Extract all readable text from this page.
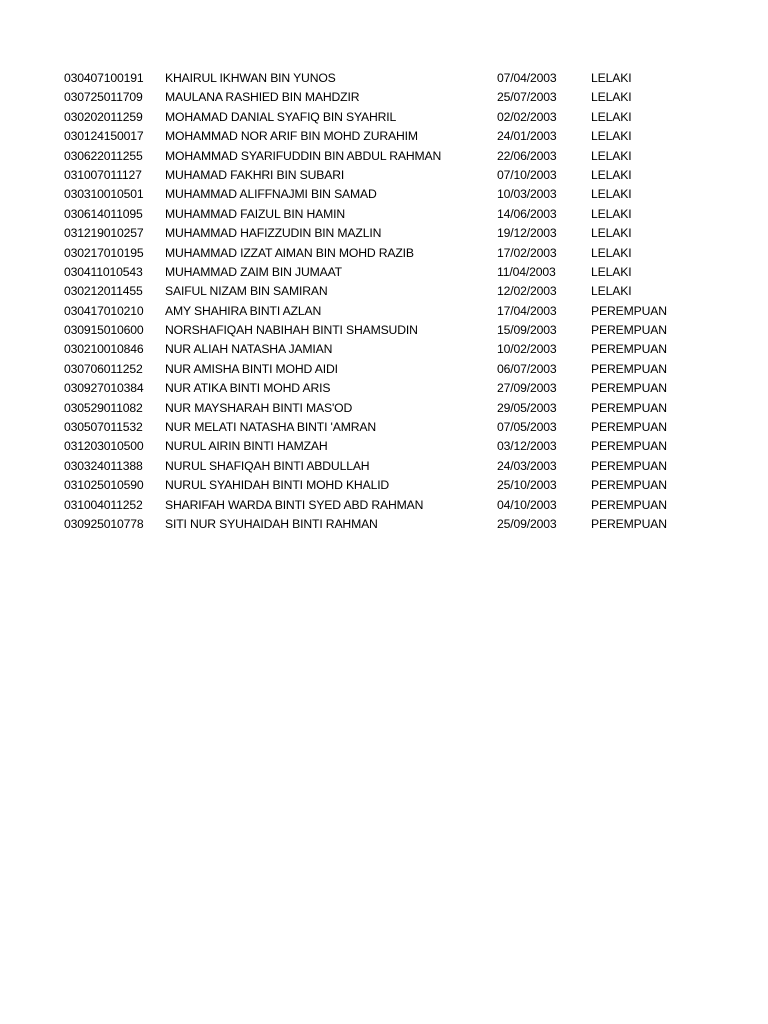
030407100191 KHAIRUL IKHWAN BIN YUNOS	07/04/2003	LELAKI
030725011709 MAULANA RASHIED BIN MAHDZIR	25/07/2003	LELAKI
030202011259 MOHAMAD DANIAL SYAFIQ BIN SYAHRIL	02/02/2003	LELAKI
030124150017 MOHAMMAD NOR ARIF BIN MOHD ZURAHIM	24/01/2003	LELAKI
030622011255 MOHAMMAD SYARIFUDDIN BIN ABDUL RAHMAN	22/06/2003	LELAKI
031007011127 MUHAMAD FAKHRI BIN SUBARI	07/10/2003	LELAKI
030310010501 MUHAMMAD ALIFFNAJMI BIN SAMAD	10/03/2003	LELAKI
030614011095 MUHAMMAD FAIZUL BIN HAMIN	14/06/2003	LELAKI
031219010257 MUHAMMAD HAFIZZUDIN BIN MAZLIN	19/12/2003	LELAKI
030217010195 MUHAMMAD IZZAT AIMAN BIN MOHD RAZIB	17/02/2003	LELAKI
030411010543 MUHAMMAD ZAIM BIN JUMAAT	11/04/2003	LELAKI
030212011455 SAIFUL NIZAM BIN SAMIRAN	12/02/2003	LELAKI
030417010210 AMY SHAHIRA BINTI AZLAN	17/04/2003	PEREMPUAN
030915010600 NORSHAFIQAH NABIHAH BINTI SHAMSUDIN	15/09/2003	PEREMPUAN
030210010846 NUR ALIAH NATASHA JAMIAN	10/02/2003	PEREMPUAN
030706011252 NUR AMISHA BINTI MOHD AIDI	06/07/2003	PEREMPUAN
030927010384 NUR ATIKA BINTI MOHD ARIS	27/09/2003	PEREMPUAN
030529011082 NUR MAYSHARAH BINTI MAS'OD	29/05/2003	PEREMPUAN
030507011532 NUR MELATI NATASHA BINTI 'AMRAN	07/05/2003	PEREMPUAN
031203010500 NURUL AIRIN BINTI HAMZAH	03/12/2003	PEREMPUAN
030324011388 NURUL SHAFIQAH BINTI ABDULLAH	24/03/2003	PEREMPUAN
031025010590 NURUL SYAHIDAH BINTI MOHD KHALID	25/10/2003	PEREMPUAN
031004011252 SHARIFAH WARDA BINTI SYED ABD RAHMAN	04/10/2003	PEREMPUAN
030925010778 SITI NUR SYUHAIDAH BINTI RAHMAN	25/09/2003	PEREMPUAN
